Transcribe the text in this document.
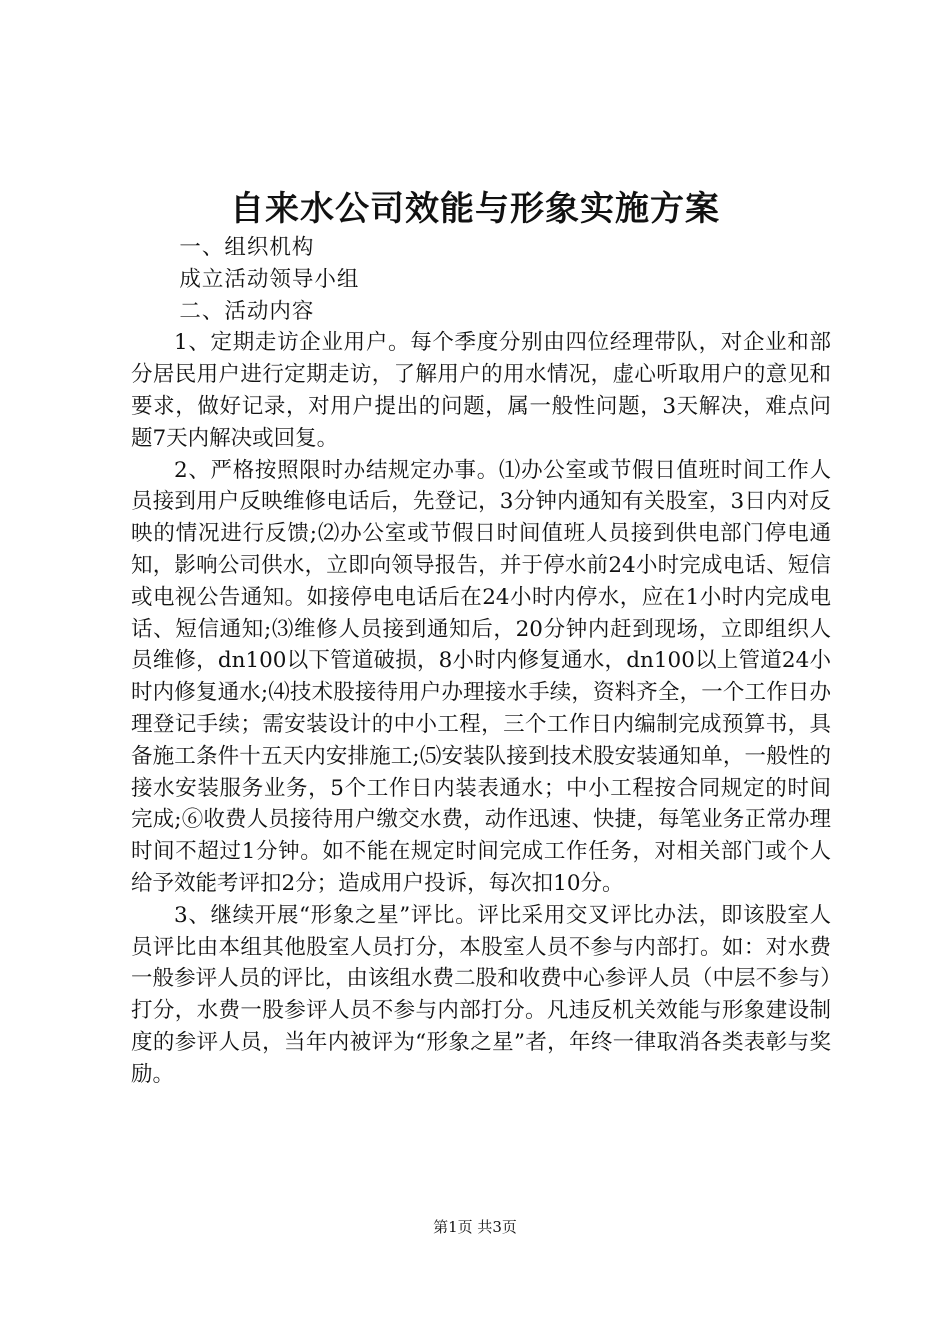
自来水公司效能与形象实施方案

一、组织机构

成立活动领导小组

二、活动内容

1、定期走访企业用户。每个季度分别由四位经理带队，对企业和部分居民用户进行定期走访，了解用户的用水情况，虚心听取用户的意见和要求，做好记录，对用户提出的问题，属一般性问题，3天解决，难点问题7天内解决或回复。

2、严格按照限时办结规定办事。⑴办公室或节假日值班时间工作人员接到用户反映维修电话后，先登记，3分钟内通知有关股室，3日内对反映的情况进行反馈;⑵办公室或节假日时间值班人员接到供电部门停电通知，影响公司供水，立即向领导报告，并于停水前24小时完成电话、短信或电视公告通知。如接停电电话后在24小时内停水，应在1小时内完成电话、短信通知;⑶维修人员接到通知后，20分钟内赶到现场，立即组织人员维修，dn100以下管道破损，8小时内修复通水，dn100以上管道24小时内修复通水;⑷技术股接待用户办理接水手续，资料齐全，一个工作日办理登记手续；需安装设计的中小工程，三个工作日内编制完成预算书，具备施工条件十五天内安排施工;⑸安装队接到技术股安装通知单，一般性的接水安装服务业务，5个工作日内装表通水；中小工程按合同规定的时间完成;⑥收费人员接待用户缴交水费，动作迅速、快捷，每笔业务正常办理时间不超过1分钟。如不能在规定时间完成工作任务，对相关部门或个人给予效能考评扣2分；造成用户投诉，每次扣10分。

3、继续开展“形象之星”评比。评比采用交叉评比办法，即该股室人员评比由本组其他股室人员打分，本股室人员不参与内部打。如：对水费一般参评人员的评比，由该组水费二股和收费中心参评人员（中层不参与）打分，水费一股参评人员不参与内部打分。凡违反机关效能与形象建设制度的参评人员，当年内被评为“形象之星”者，年终一律取消各类表彰与奖励。

第1页 共3页
